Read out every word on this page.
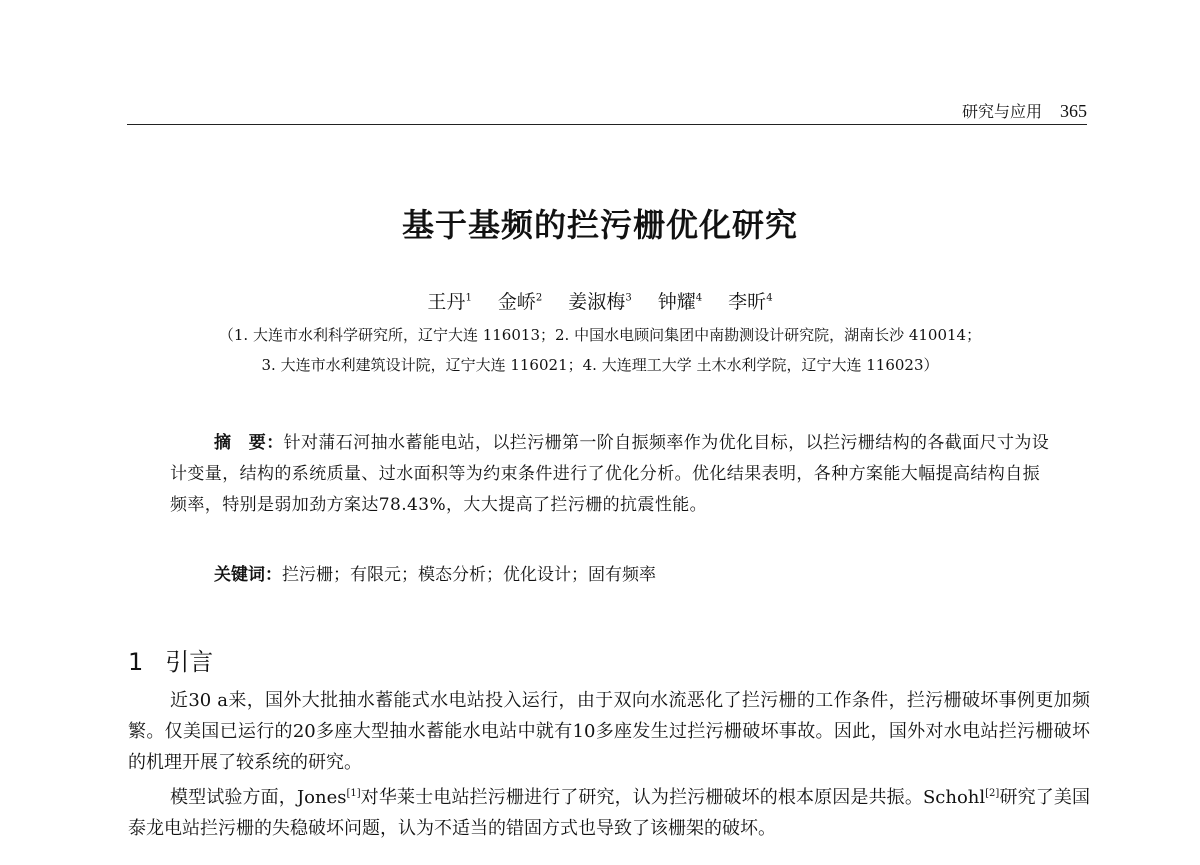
研究与应用 365
基于基频的拦污栅优化研究
王丹$^1$ 金峤$^2$ 姜淑梅$^3$ 钟耀$^4$ 李昕$^4$
（1. 大连市水利科学研究所，辽宁大连 116013；2. 中国水电顾问集团中南勘测设计研究院，湖南长沙 410014；
3. 大连市水利建筑设计院，辽宁大连 116021；4. 大连理工大学 土木水利学院，辽宁大连 116023）
摘　要：针对蒲石河抽水蓄能电站，以拦污栅第一阶自振频率作为优化目标，以拦污栅结构的各截面尺寸为设计变量，结构的系统质量、过水面积等为约束条件进行了优化分析。优化结果表明，各种方案能大幅提高结构自振频率，特别是弱加劲方案达78.43%，大大提高了拦污栅的抗震性能。
关键词：拦污栅；有限元；模态分析；优化设计；固有频率
1 引言

近30 a来，国外大批抽水蓄能式水电站投入运行，由于双向水流恶化了拦污栅的工作条件，拦污栅破坏事例更加频繁。仅美国已运行的20多座大型抽水蓄能水电站中就有10多座发生过拦污栅破坏事故。因此，国外对水电站拦污栅破坏的机理开展了较系统的研究。

模型试验方面，Jones[1]对华莱士电站拦污栅进行了研究，认为拦污栅破坏的根本原因是共振。Schohl[2]研究了美国泰龙电站拦污栅的失稳破坏问题，认为不适当的错固方式也导致了该栅架的破坏。
